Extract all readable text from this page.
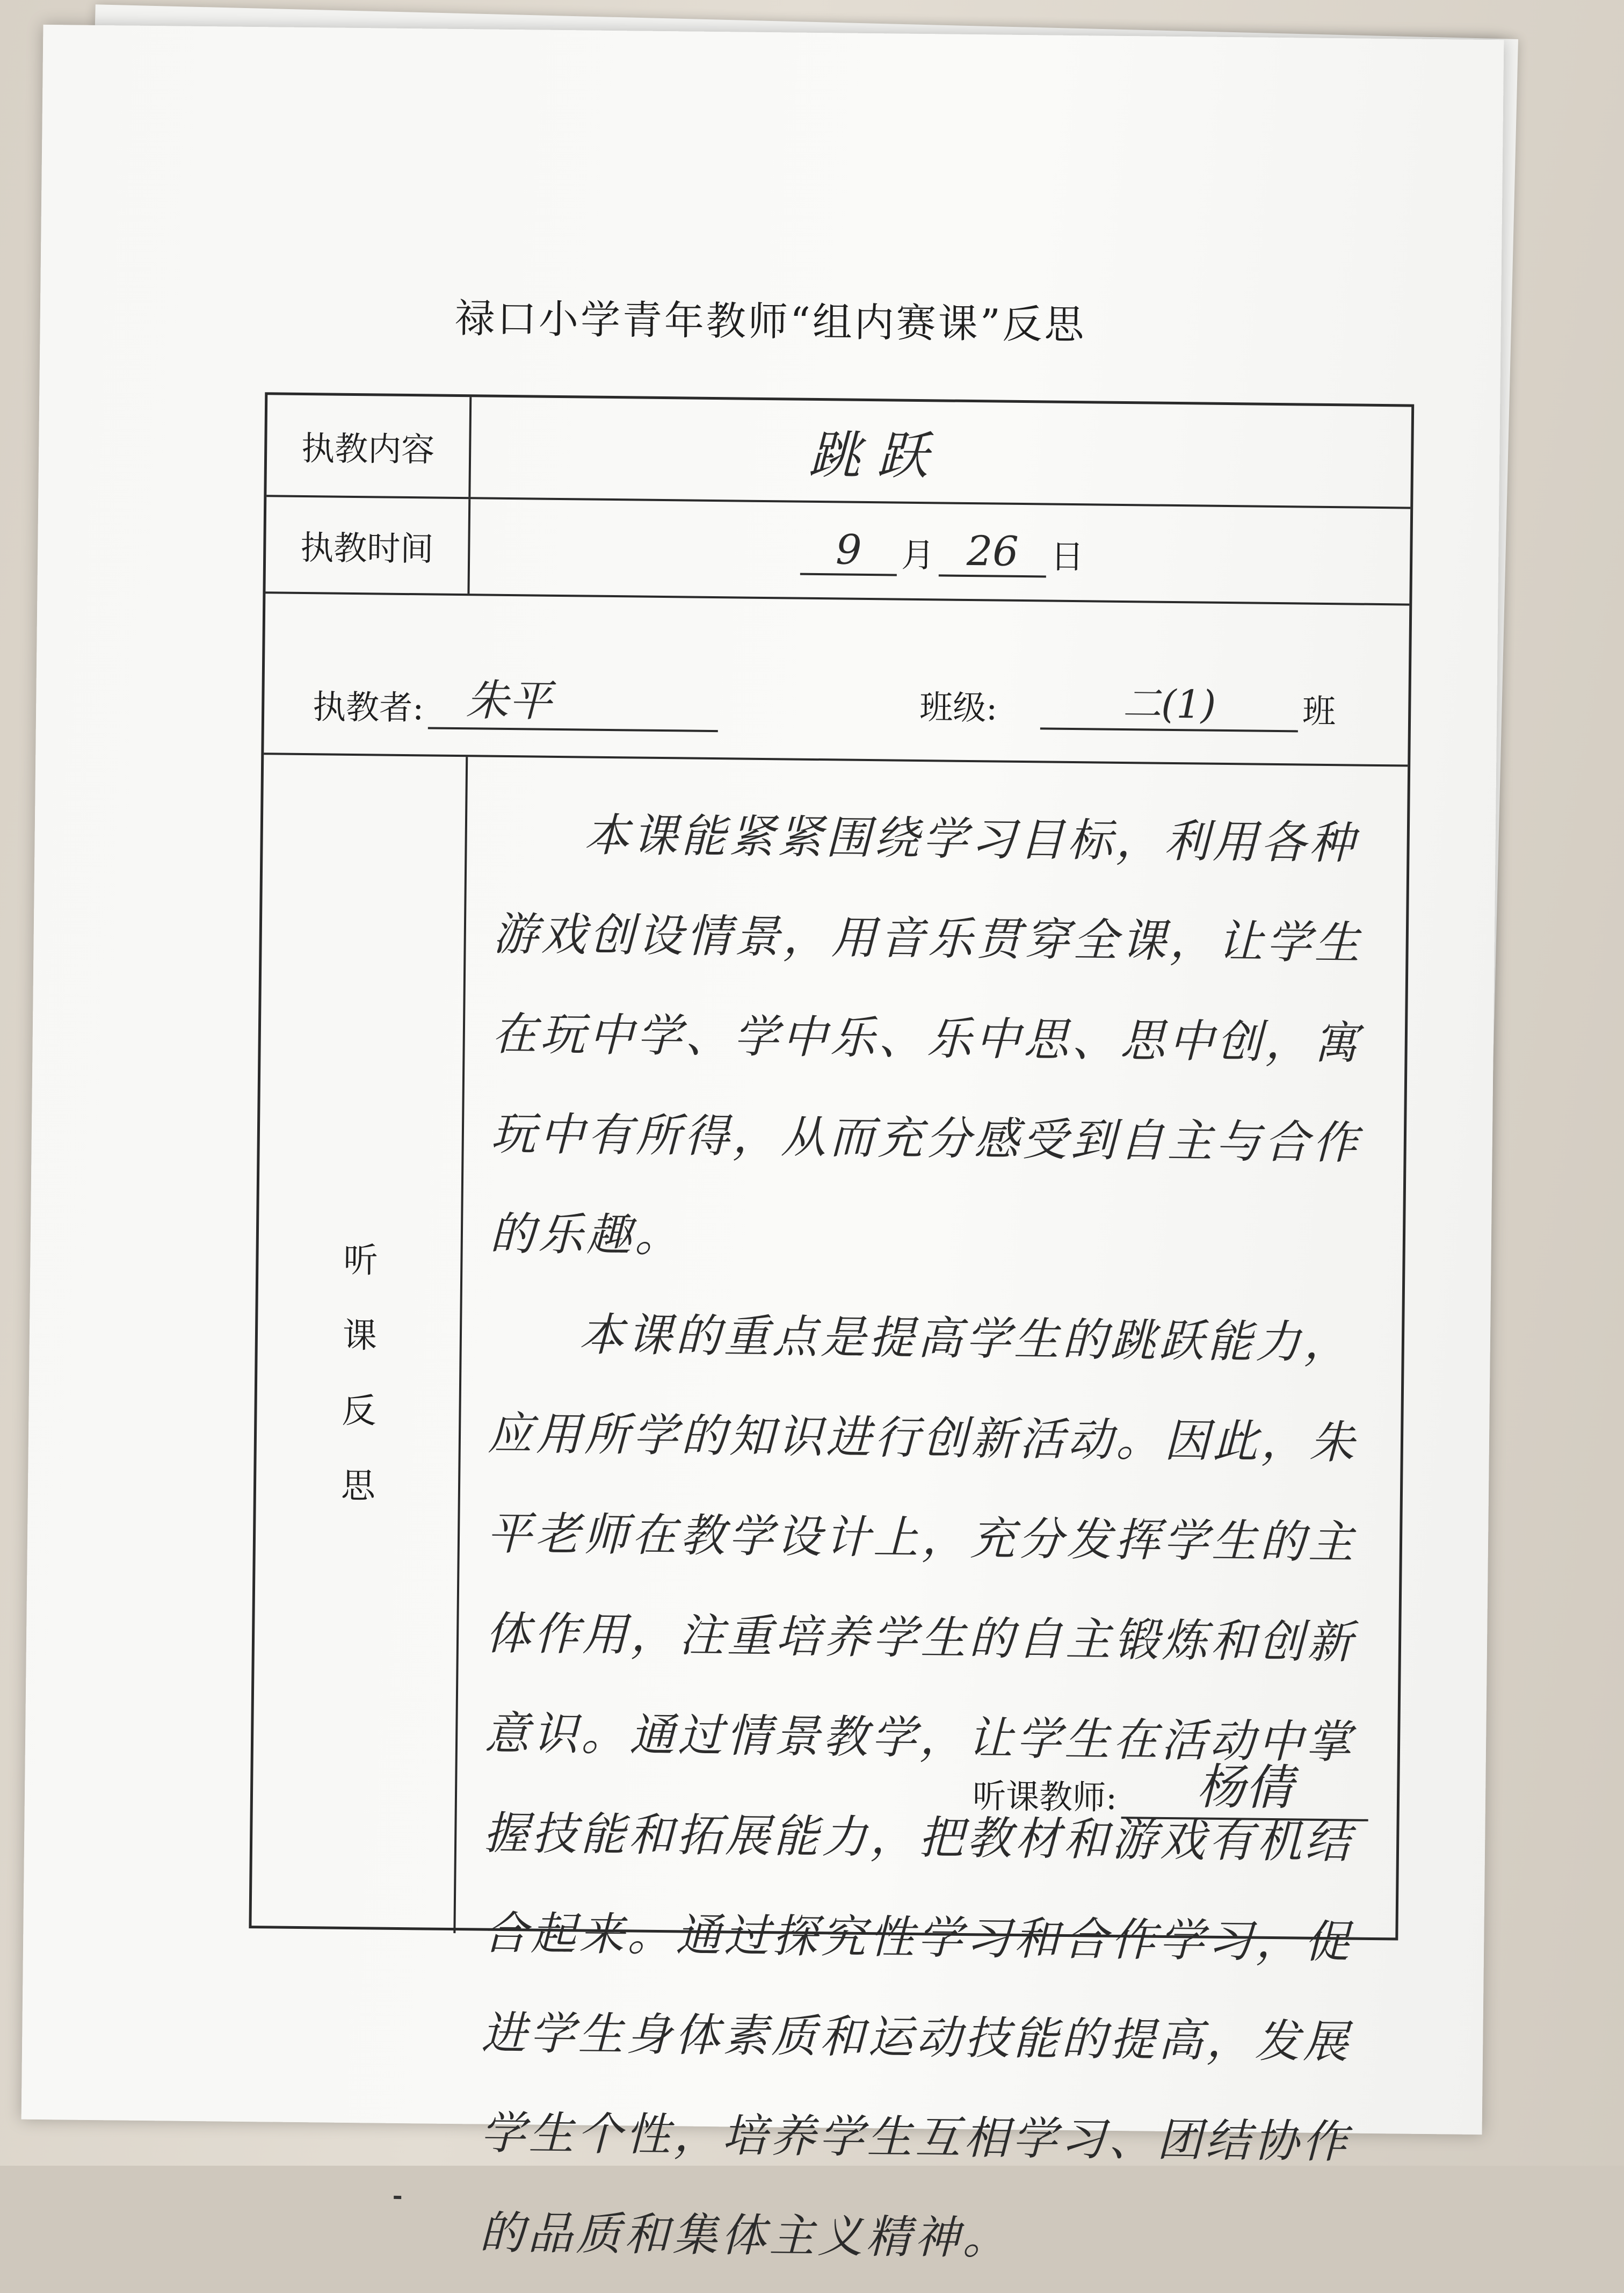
禄口小学青年教师“组内赛课”反思
执教内容	跳跃
执教时间	9	月 26 日
执教者: 朱平	班级:	二(1)	班
听
课
反
思

本课能紧紧围绕学习目标，利用各种游戏创设情景，用音乐贯穿全课，让学生在玩中学、学中乐、乐中思、思中创，寓玩中有所得，从而充分感受到自主与合作的乐趣。

本课的重点是提高学生的跳跃能力，应用所学的知识进行创新活动。因此，朱平老师在教学设计上，充分发挥学生的主体作用，注重培养学生的自主锻炼和创新意识。通过情景教学，让学生在活动中掌握技能和拓展能力，把教材和游戏有机结合起来。通过探究性学习和合作学习，促进学生身体素质和运动技能的提高，发展学生个性，培养学生互相学习、团结协作的品质和集体主义精神。

听课教师:	杨倩
